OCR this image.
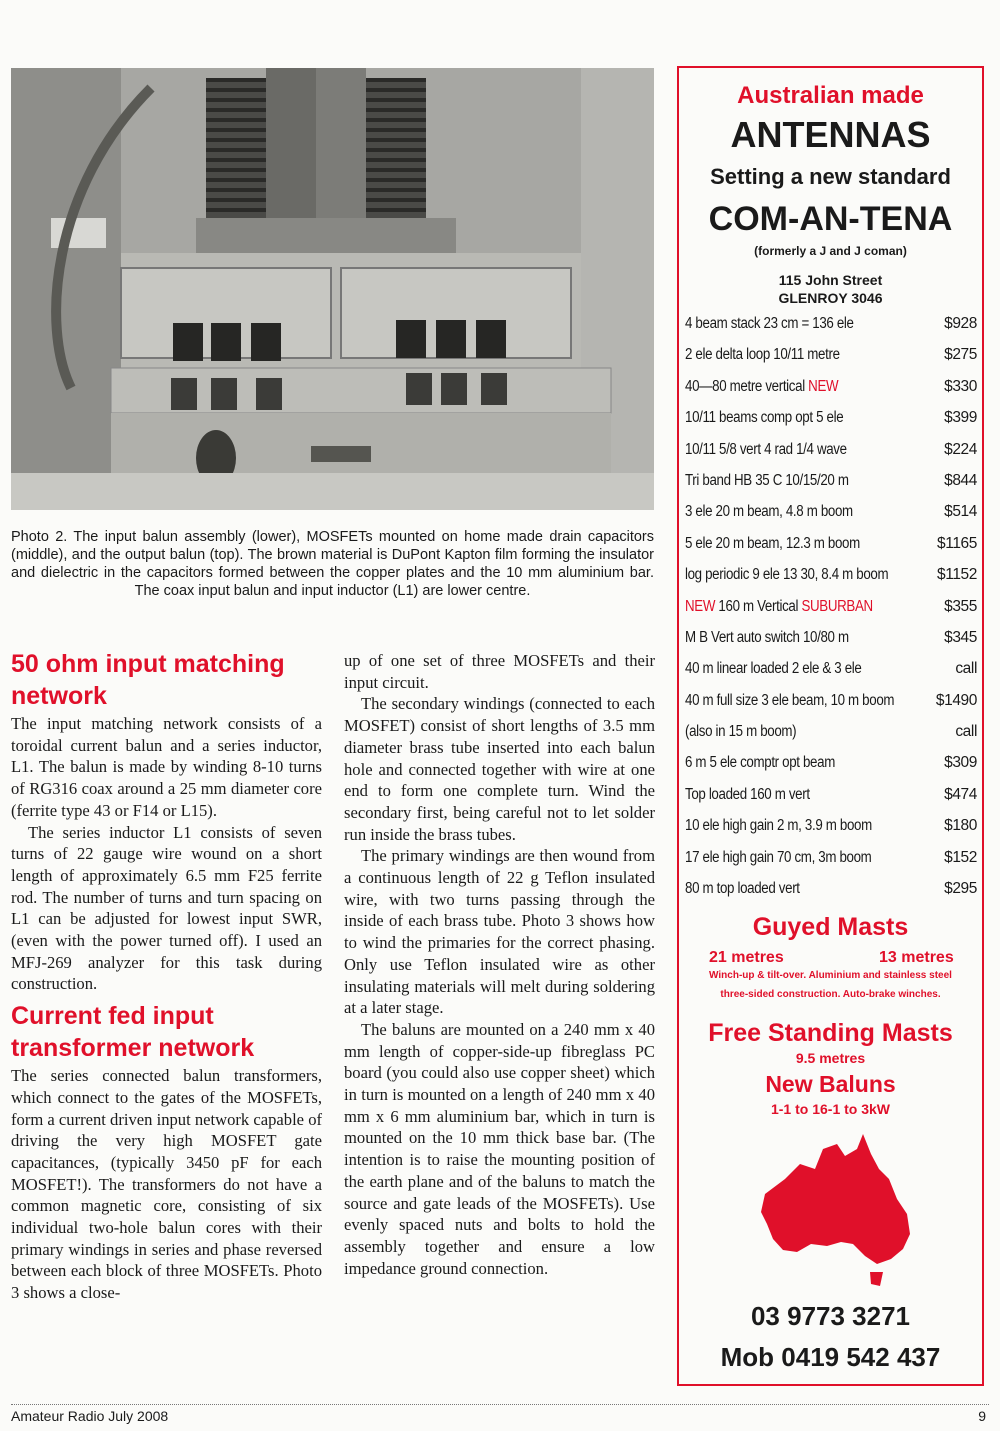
Photo 2. The input balun assembly (lower), MOSFETs mounted on home made drain capacitors (middle), and the output balun (top). The brown material is DuPont Kapton film forming the insulator and dielectric in the capacitors formed between the copper plates and the 10 mm aluminium bar. The coax input balun and input inductor (L1) are lower centre.
50 ohm input matching network

The input matching network consists of a toroidal current balun and a series inductor, L1. The balun is made by winding 8-10 turns of RG316 coax around a 25 mm diameter core (ferrite type 43 or F14 or L15).

The series inductor L1 consists of seven turns of 22 gauge wire wound on a short length of approximately 6.5 mm F25 ferrite rod. The number of turns and turn spacing on L1 can be adjusted for lowest input SWR, (even with the power turned off). I used an MFJ-269 analyzer for this task during construction.

Current fed input transformer network

The series connected balun transformers, which connect to the gates of the MOSFETs, form a current driven input network capable of driving the very high MOSFET gate capacitances, (typically 3450 pF for each MOSFET!). The transformers do not have a common magnetic core, consisting of six individual two-hole balun cores with their primary windings in series and phase reversed between each block of three MOSFETs. Photo 3 shows a close-

up of one set of three MOSFETs and their input circuit.

The secondary windings (connected to each MOSFET) consist of short lengths of 3.5 mm diameter brass tube inserted into each balun hole and connected together with wire at one end to form one complete turn. Wind the secondary first, being careful not to let solder run inside the brass tubes.

The primary windings are then wound from a continuous length of 22 g Teflon insulated wire, with two turns passing through the inside of each brass tube. Photo 3 shows how to wind the primaries for the correct phasing. Only use Teflon insulated wire as other insulating materials will melt during soldering at a later stage.

The baluns are mounted on a 240 mm x 40 mm length of copper-side-up fibreglass PC board (you could also use copper sheet) which in turn is mounted on a length of 240 mm x 40 mm x 6 mm aluminium bar, which in turn is mounted on the 10 mm thick base bar. (The intention is to raise the mounting position of the earth plane and of the baluns to match the source and gate leads of the MOSFETs). Use evenly spaced nuts and bolts to hold the assembly together and ensure a low impedance ground connection.

Australian made
ANTENNAS
Setting a new standard
COM-AN-TENA
(formerly a J and J coman)
115 John Street
GLENROY 3046
4 beam stack 23 cm = 136 ele	$928
2 ele delta loop 10/11 metre	$275
40—80 metre vertical NEW	$330
10/11 beams comp opt 5 ele	$399
10/11 5/8 vert 4 rad 1/4 wave	$224
Tri band HB 35 C 10/15/20 m	$844
3 ele 20 m beam, 4.8 m boom	$514
5 ele 20 m beam, 12.3 m boom	$1165
log periodic 9 ele 13 30, 8.4 m boom	$1152
NEW 160 m Vertical SUBURBAN	$355
M B Vert auto switch 10/80 m	$345
40 m linear loaded 2 ele & 3 ele	call
40 m full size 3 ele beam, 10 m boom	$1490
(also in 15 m boom)	call
6 m 5 ele comptr opt beam	$309
Top loaded 160 m vert	$474
10 ele high gain 2 m, 3.9 m boom	$180
17 ele high gain 70 cm, 3m boom	$152
80 m top loaded vert	$295
Guyed Masts
21 metres	13 metres
Winch-up & tilt-over. Aluminium and stainless steel
three-sided construction. Auto-brake winches.
Free Standing Masts
9.5 metres
New Baluns
1-1 to 16-1 to 3kW
03 9773 3271
Mob 0419 542 437
Amateur Radio July 2008	9
